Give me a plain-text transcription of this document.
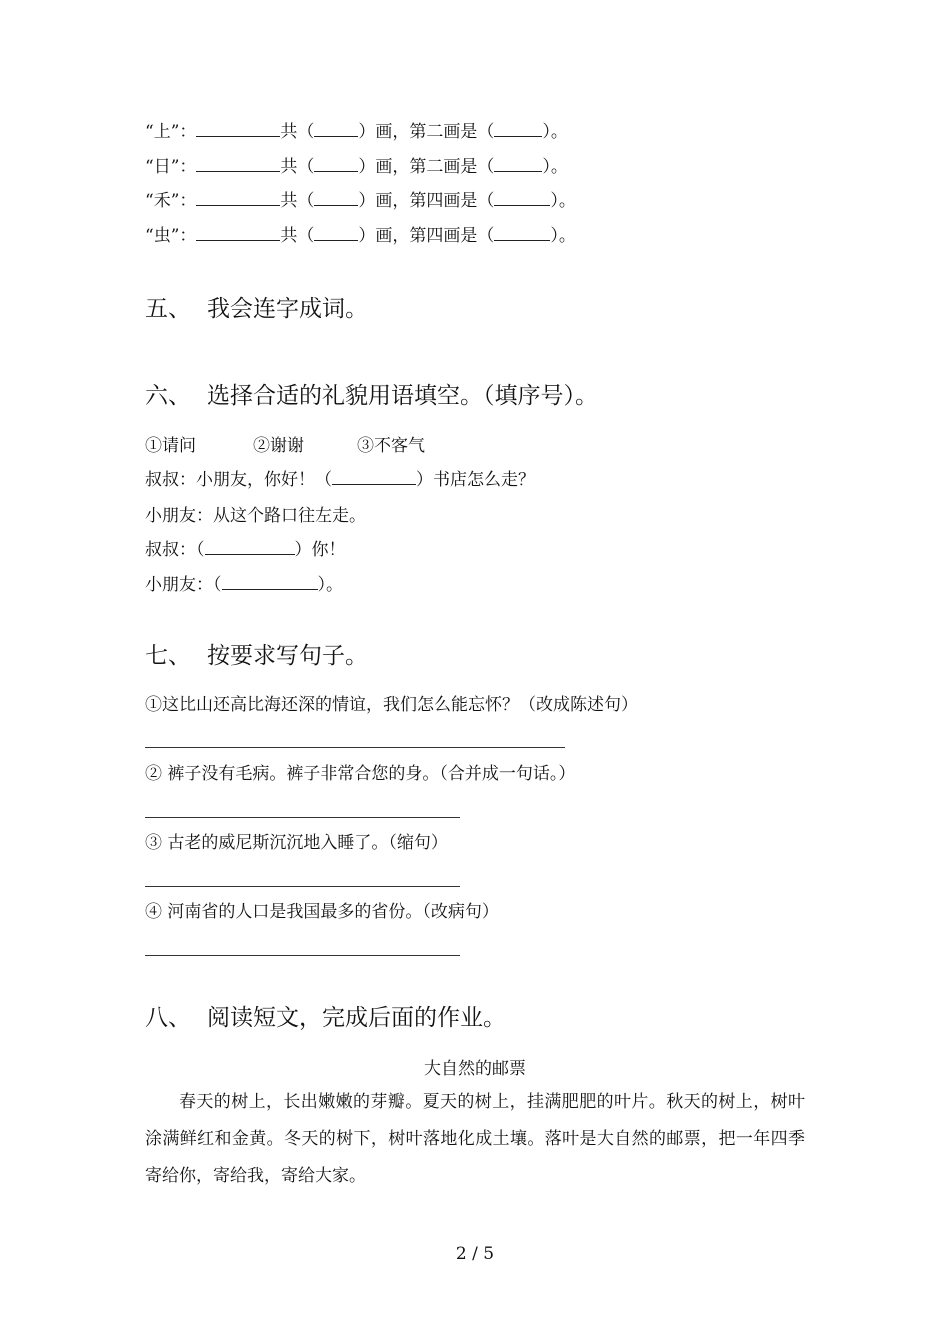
“上”：	共（	）画，第二画是（	）。
“日”：	共（	）画，第二画是（	）。
“禾”：	共（	）画，第四画是（	）。
“虫”：	共（	）画，第四画是（	）。
五、 我会连字成词。
六、 选择合适的礼貌用语填空。（填序号）。
①请问	②谢谢	③不客气
叔叔：小朋友，你好！（	）书店怎么走？
小朋友：从这个路口往左走。
叔叔：（	）你！
小朋友：（	）。
七、 按要求写句子。
①这比山还高比海还深的情谊，我们怎么能忘怀？（改成陈述句）
② 裤子没有毛病。裤子非常合您的身。（合并成一句话。）
③ 古老的威尼斯沉沉地入睡了。（缩句）
④ 河南省的人口是我国最多的省份。（改病句）
八、 阅读短文，完成后面的作业。
大自然的邮票
春天的树上，长出嫩嫩的芽瓣。夏天的树上，挂满肥肥的叶片。秋天的树上，树叶涂满鲜红和金黄。冬天的树下，树叶落地化成土壤。落叶是大自然的邮票，把一年四季寄给你，寄给我，寄给大家。
2 / 5
